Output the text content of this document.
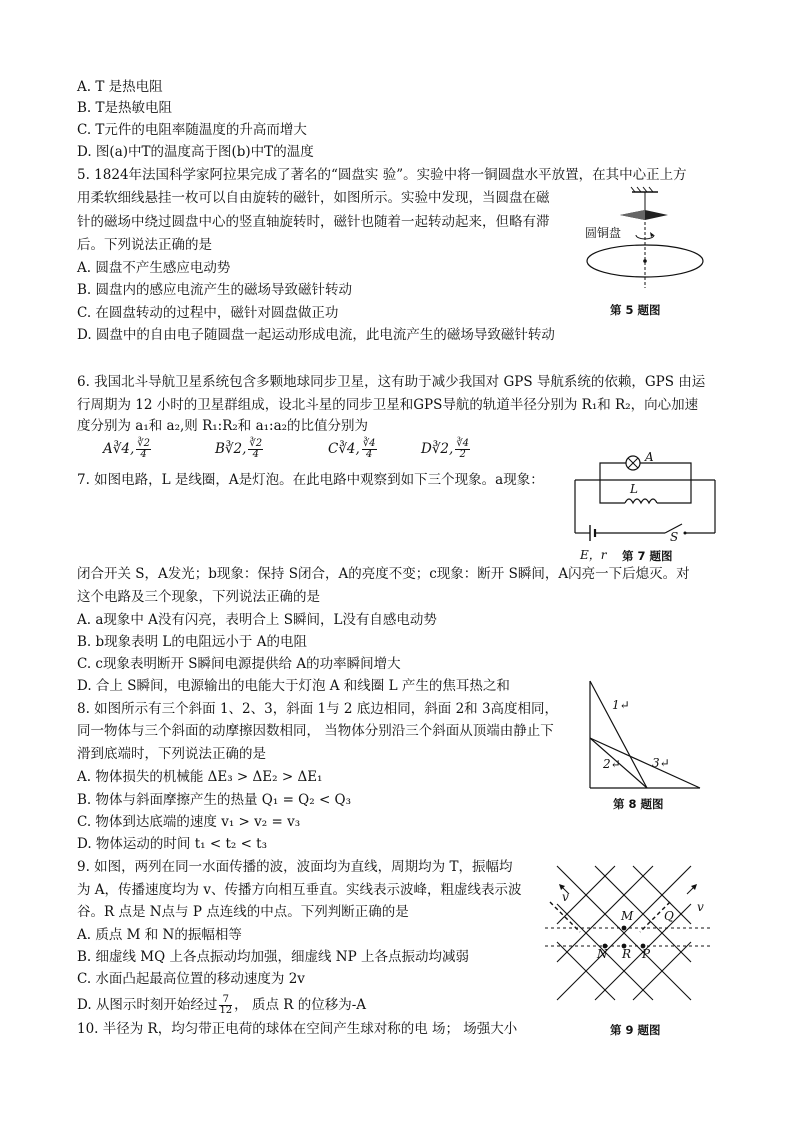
A. T 是热电阻
B. T是热敏电阻
C. T元件的电阻率随温度的升高而增大
D. 图(a)中T的温度高于图(b)中T的温度
5. 1824年法国科学家阿拉果完成了著名的“圆盘实 验”。实验中将一铜圆盘水平放置，在其中心正上方
用柔软细线悬挂一枚可以自由旋转的磁针，如图所示。实验中发现，当圆盘在磁
针的磁场中绕过圆盘中心的竖直轴旋转时，磁针也随着一起转动起来，但略有滞
后。下列说法正确的是
A. 圆盘不产生感应电动势
B. 圆盘内的感应电流产生的磁场导致磁针转动
C. 在圆盘转动的过程中，磁针对圆盘做正功
D. 圆盘中的自由电子随圆盘一起运动形成电流，此电流产生的磁场导致磁针转动
圆铜盘
第 5 题图
6. 我国北斗导航卫星系统包含多颗地球同步卫星，这有助于减少我国对 GPS 导航系统的依赖，GPS 由运
行周期为 12 小时的卫星群组成，设北斗星的同步卫星和GPS导航的轨道半径分别为 R₁和 R₂，向心加速
度分别为 a₁和 a₂,则 R₁:R₂和 a₁:a₂的比值分别为
A∛4, $\frac{∛2}{4}$	B∛2, $\frac{∛2}{4}$	C∛4, $\frac{∛4}{4}$	D∛2, $\frac{∛4}{2}$
7. 如图电路，L 是线圈，A是灯泡。在此电路中观察到如下三个现象。a现象：
A
L
E，r
S
第 7 题图
闭合开关 S，A发光；b现象：保持 S闭合，A的亮度不变；c现象：断开 S瞬间，A闪亮一下后熄灭。对
这个电路及三个现象，下列说法正确的是
A. a现象中 A没有闪亮，表明合上 S瞬间，L没有自感电动势
B. b现象表明 L的电阻远小于 A的电阻
C. c现象表明断开 S瞬间电源提供给 A的功率瞬间增大
D. 合上 S瞬间，电源输出的电能大于灯泡 A 和线圈 L 产生的焦耳热之和
8. 如图所示有三个斜面 1、2、3，斜面 1与 2 底边相同，斜面 2和 3高度相同，
同一物体与三个斜面的动摩擦因数相同， 当物体分别沿三个斜面从顶端由静止下
滑到底端时，下列说法正确的是
A. 物体损失的机械能 ΔE₃ > ΔE₂ > ΔE₁
B. 物体与斜面摩擦产生的热量 Q₁ = Q₂ < Q₃
C. 物体到达底端的速度 v₁ > v₂ = v₃
D. 物体运动的时间 t₁ < t₂ < t₃
1↵
2↵	3↵
第 8 题图
9. 如图，两列在同一水面传播的波，波面均为直线，周期均为 T，振幅均
为 A，传播速度均为 v、传播方向相互垂直。实线表示波峰，粗虚线表示波
谷。R 点是 N点与 P 点连线的中点。下列判断正确的是
A. 质点 M 和 N的振幅相等
B. 细虚线 MQ 上各点振动均加强，细虚线 NP 上各点振动均减弱
C. 水面凸起最高位置的移动速度为 2v
D. 从图示时刻开始经过 $\frac{7}{12}$ ， 质点 R 的位移为-A
v
v
M	Q
N R P
第 9 题图
10. 半径为 R，均匀带正电荷的球体在空间产生球对称的电 场； 场强大小
